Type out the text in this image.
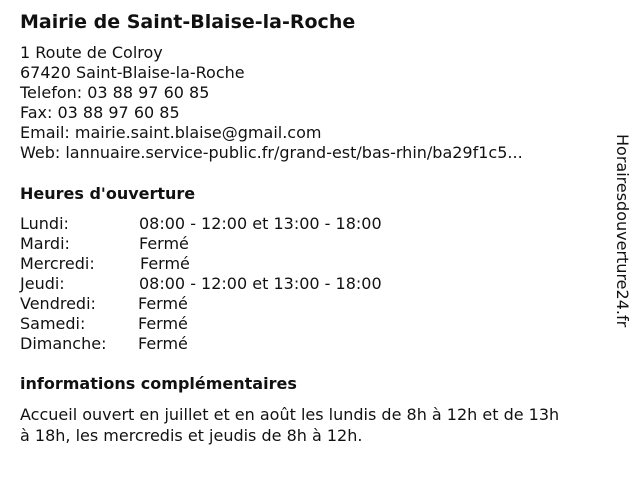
Mairie de Saint-Blaise-la-Roche
1 Route de Colroy
67420 Saint-Blaise-la-Roche
Telefon: 03 88 97 60 85
Fax: 03 88 97 60 85
Email: mairie.saint.blaise@gmail.com
Web: lannuaire.service-public.fr/grand-est/bas-rhin/ba29f1c5...
Heures d'ouverture
Lundi:	08:00 - 12:00 et 13:00 - 18:00
Mardi:	Fermé
Mercredi:	Fermé
Jeudi:	08:00 - 12:00 et 13:00 - 18:00
Vendredi:	Fermé
Samedi:	Fermé
Dimanche: Fermé
informations complémentaires
Accueil ouvert en juillet et en août les lundis de 8h à 12h et de 13h
à 18h, les mercredis et jeudis de 8h à 12h.
Horairesdouverture24.fr
